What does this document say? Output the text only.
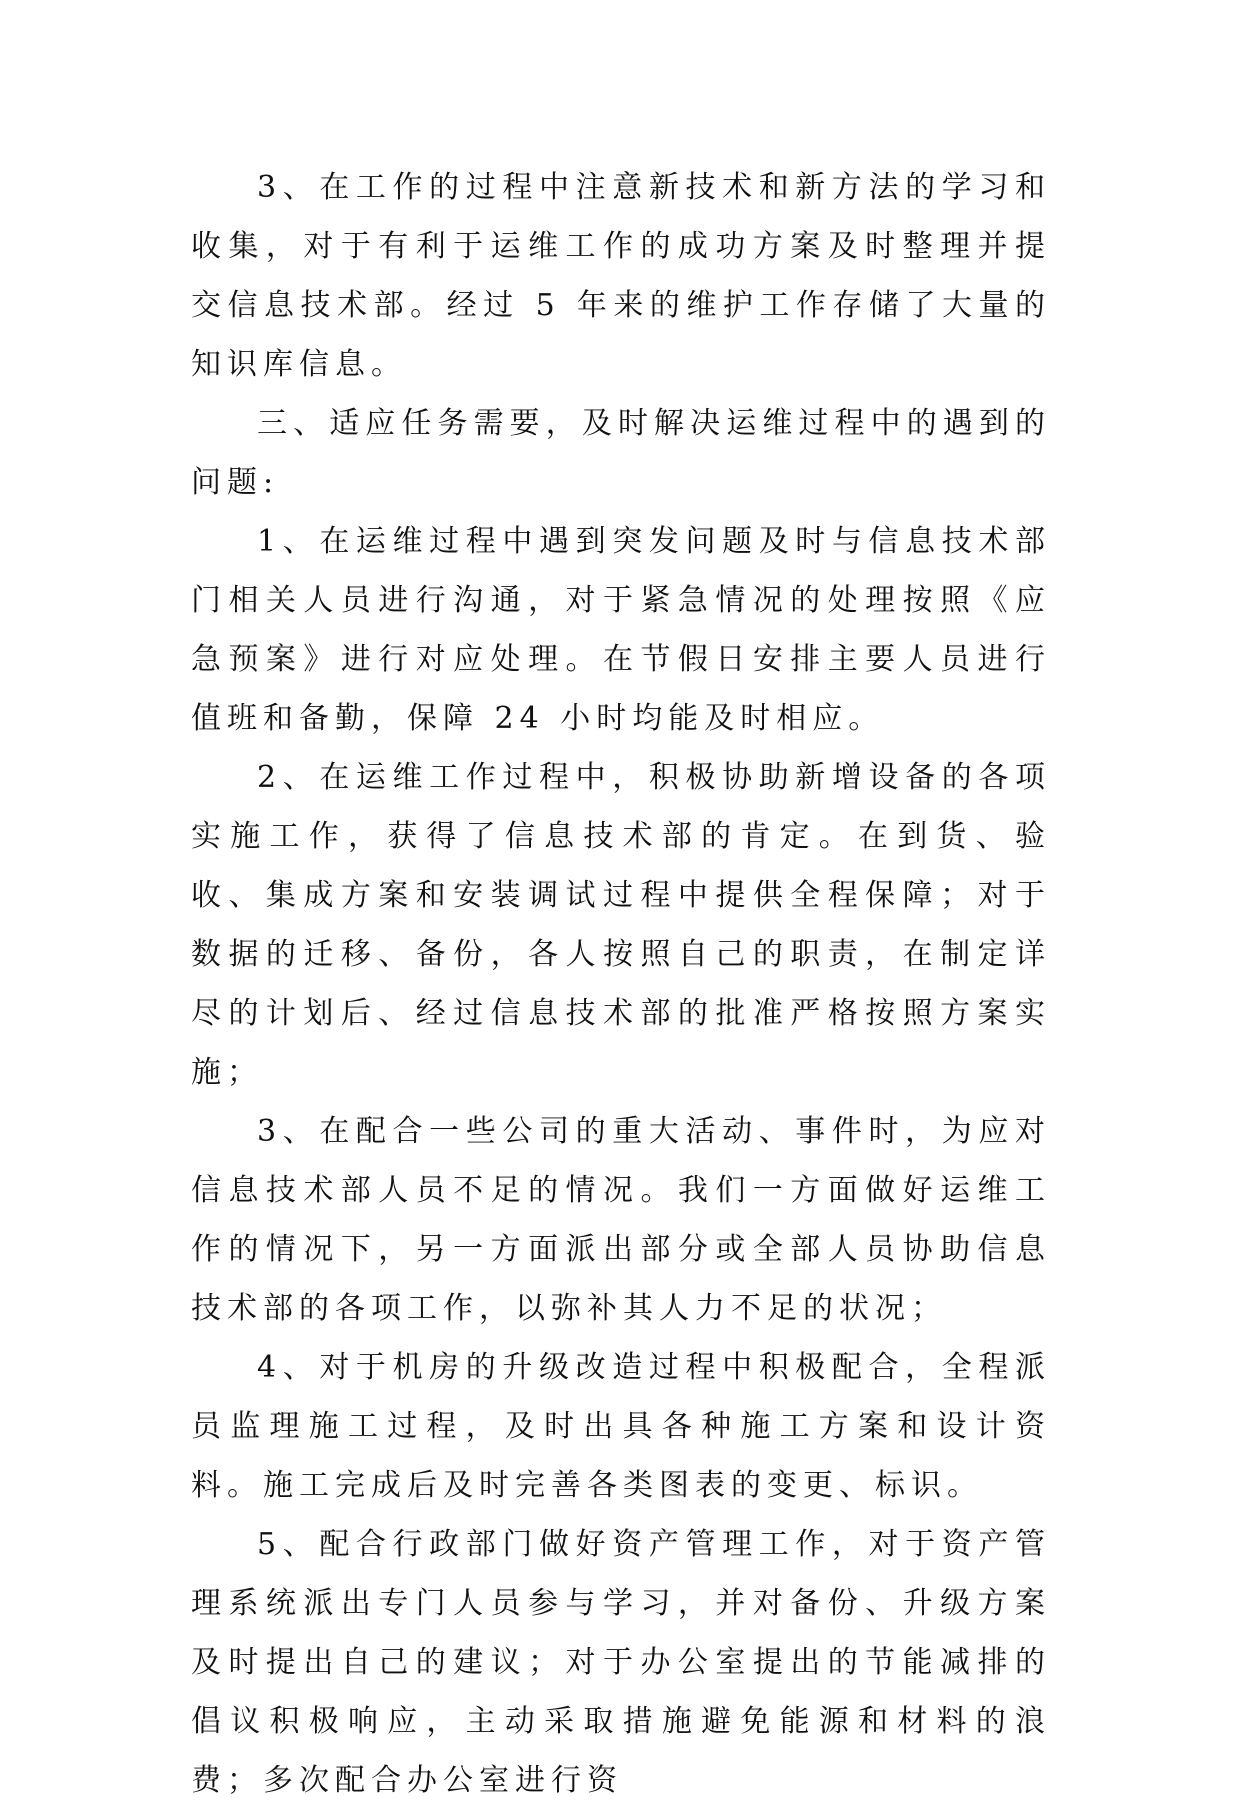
3、在工作的过程中注意新技术和新方法的学习和收集，对于有利于运维工作的成功方案及时整理并提交信息技术部。经过 5 年来的维护工作存储了大量的知识库信息。

三、适应任务需要，及时解决运维过程中的遇到的问题:

1、在运维过程中遇到突发问题及时与信息技术部门相关人员进行沟通，对于紧急情况的处理按照《应急预案》进行对应处理。在节假日安排主要人员进行值班和备勤，保障 24 小时均能及时相应。

2、在运维工作过程中，积极协助新增设备的各项实施工作，获得了信息技术部的肯定。在到货、验收、集成方案和安装调试过程中提供全程保障；对于数据的迁移、备份，各人按照自己的职责，在制定详尽的计划后、经过信息技术部的批准严格按照方案实施；

3、在配合一些公司的重大活动、事件时，为应对信息技术部人员不足的情况。我们一方面做好运维工作的情况下，另一方面派出部分或全部人员协助信息技术部的各项工作，以弥补其人力不足的状况；

4、对于机房的升级改造过程中积极配合，全程派员监理施工过程，及时出具各种施工方案和设计资料。施工完成后及时完善各类图表的变更、标识。

5、配合行政部门做好资产管理工作，对于资产管理系统派出专门人员参与学习，并对备份、升级方案及时提出自己的建议；对于办公室提出的节能减排的倡议积极响应，主动采取措施避免能源和材料的浪费；多次配合办公室进行资
